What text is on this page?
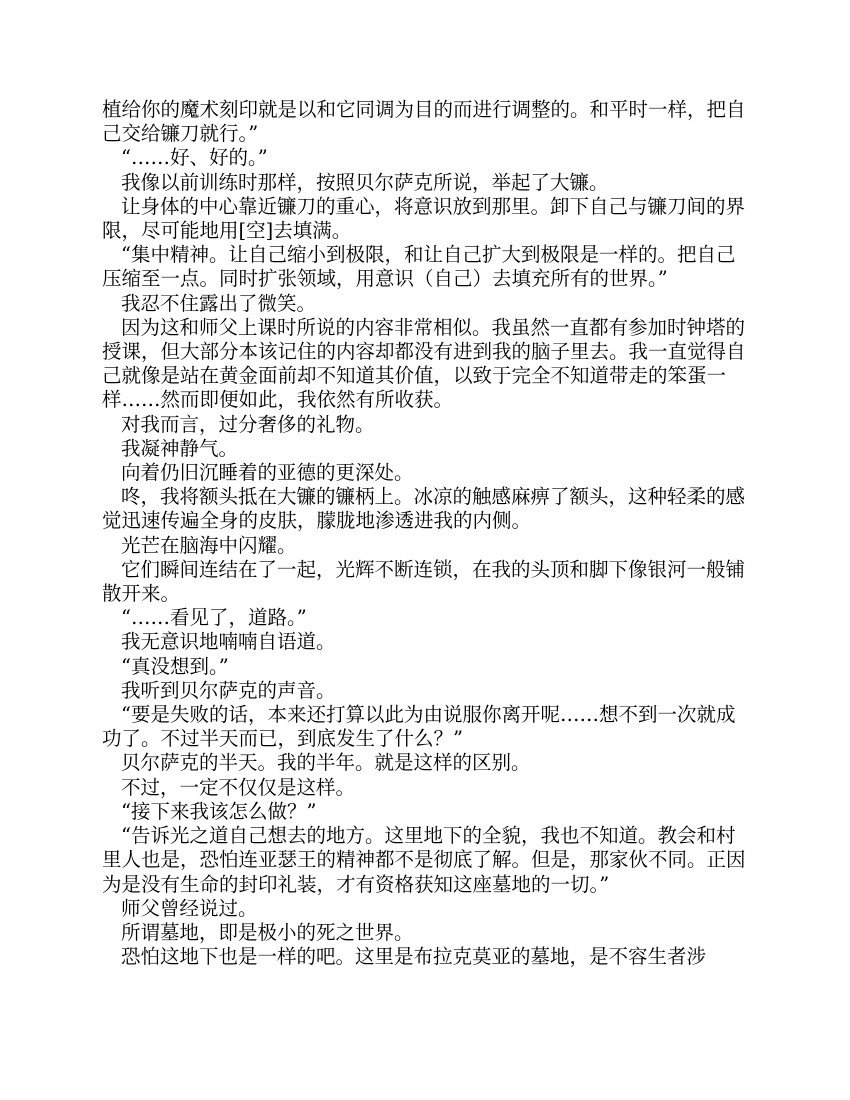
植给你的魔术刻印就是以和它同调为目的而进行调整的。和平时一样，把自己交给镰刀就行。”

“……好、好的。”

我像以前训练时那样，按照贝尔萨克所说，举起了大镰。

让身体的中心靠近镰刀的重心，将意识放到那里。卸下自己与镰刀间的界限，尽可能地用[空]去填满。

“集中精神。让自己缩小到极限，和让自己扩大到极限是一样的。把自己压缩至一点。同时扩张领域，用意识（自己）去填充所有的世界。”

我忍不住露出了微笑。

因为这和师父上课时所说的内容非常相似。我虽然一直都有参加时钟塔的授课，但大部分本该记住的内容却都没有进到我的脑子里去。我一直觉得自己就像是站在黄金面前却不知道其价值，以致于完全不知道带走的笨蛋一样……然而即便如此，我依然有所收获。

对我而言，过分奢侈的礼物。

我凝神静气。

向着仍旧沉睡着的亚德的更深处。

咚，我将额头抵在大镰的镰柄上。冰凉的触感麻痹了额头，这种轻柔的感觉迅速传遍全身的皮肤，朦胧地渗透进我的内侧。

光芒在脑海中闪耀。

它们瞬间连结在了一起，光辉不断连锁，在我的头顶和脚下像银河一般铺散开来。

“……看见了，道路。”

我无意识地喃喃自语道。

“真没想到。”

我听到贝尔萨克的声音。

“要是失败的话，本来还打算以此为由说服你离开呢……想不到一次就成功了。不过半天而已，到底发生了什么？”

贝尔萨克的半天。我的半年。就是这样的区别。

不过，一定不仅仅是这样。

“接下来我该怎么做？”

“告诉光之道自己想去的地方。这里地下的全貌，我也不知道。教会和村里人也是，恐怕连亚瑟王的精神都不是彻底了解。但是，那家伙不同。正因为是没有生命的封印礼装，才有资格获知这座墓地的一切。”

师父曾经说过。

所谓墓地，即是极小的死之世界。

恐怕这地下也是一样的吧。这里是布拉克莫亚的墓地，是不容生者涉
